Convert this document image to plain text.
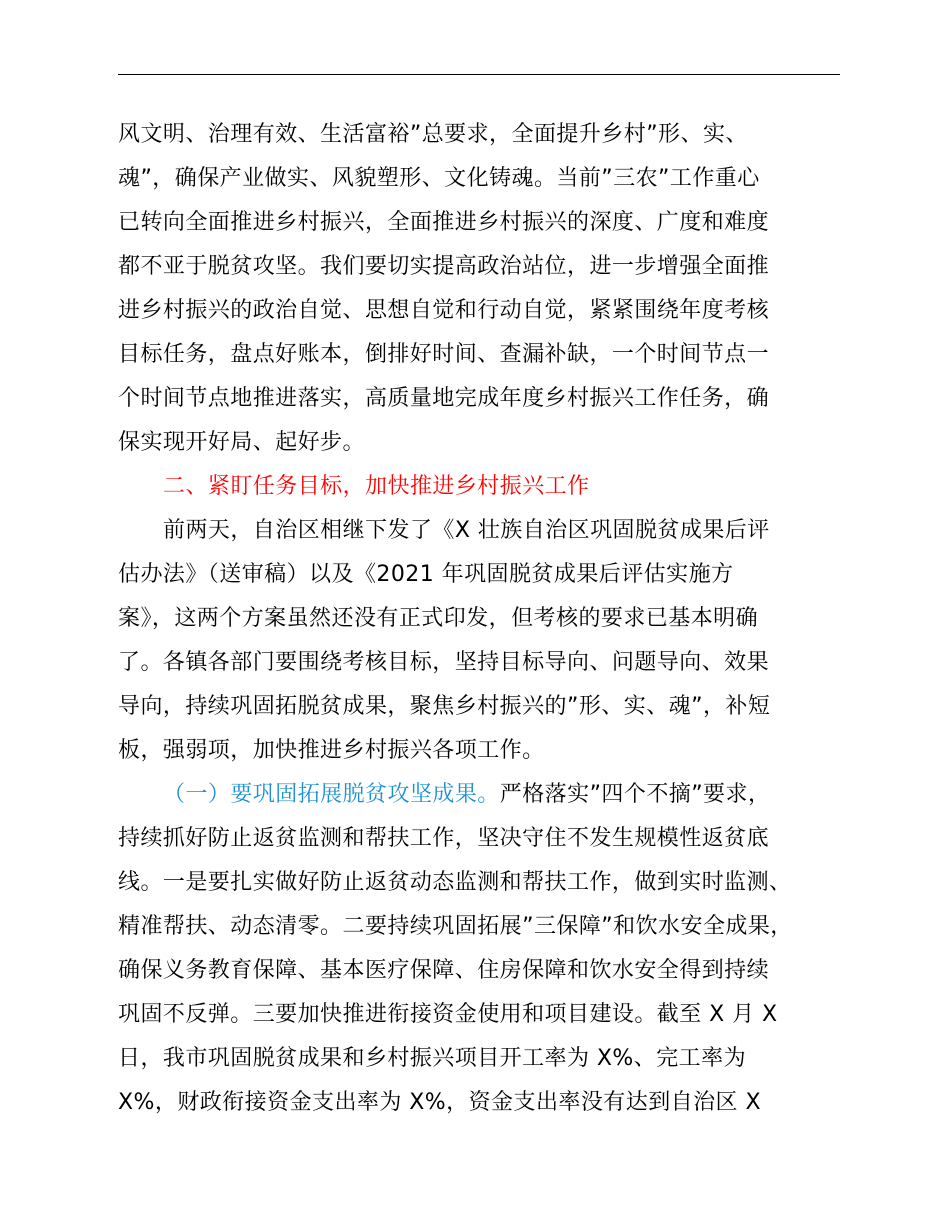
风文明、治理有效、生活富裕”总要求，全面提升乡村”形、实、
魂”，确保产业做实、风貌塑形、文化铸魂。当前”三农”工作重心
已转向全面推进乡村振兴，全面推进乡村振兴的深度、广度和难度
都不亚于脱贫攻坚。我们要切实提高政治站位，进一步增强全面推
进乡村振兴的政治自觉、思想自觉和行动自觉，紧紧围绕年度考核
目标任务，盘点好账本，倒排好时间、查漏补缺，一个时间节点一
个时间节点地推进落实，高质量地完成年度乡村振兴工作任务，确
保实现开好局、起好步。
二、紧盯任务目标，加快推进乡村振兴工作
前两天，自治区相继下发了《X 壮族自治区巩固脱贫成果后评
估办法》（送审稿）以及《2021 年巩固脱贫成果后评估实施方
案》，这两个方案虽然还没有正式印发，但考核的要求已基本明确
了。各镇各部门要围绕考核目标，坚持目标导向、问题导向、效果
导向，持续巩固拓脱贫成果，聚焦乡村振兴的”形、实、魂”，补短
板，强弱项，加快推进乡村振兴各项工作。
（一）要巩固拓展脱贫攻坚成果。严格落实”四个不摘”要求，
持续抓好防止返贫监测和帮扶工作，坚决守住不发生规模性返贫底
线。一是要扎实做好防止返贫动态监测和帮扶工作，做到实时监测、
精准帮扶、动态清零。二要持续巩固拓展”三保障”和饮水安全成果，
确保义务教育保障、基本医疗保障、住房保障和饮水安全得到持续
巩固不反弹。三要加快推进衔接资金使用和项目建设。截至 X 月 X
日，我市巩固脱贫成果和乡村振兴项目开工率为 X%、完工率为
X%，财政衔接资金支出率为 X%，资金支出率没有达到自治区 X
